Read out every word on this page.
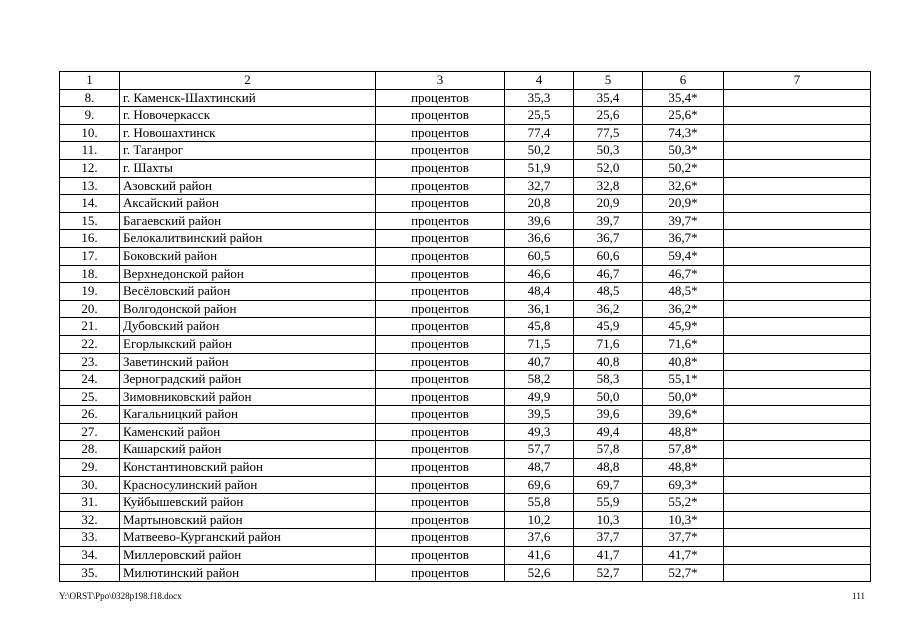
1	2	3	4	5	6	7
8.	г. Каменск-Шахтинский	процентов	35,3	35,4	35,4*	
9.	г. Новочеркасск	процентов	25,5	25,6	25,6*	
10.	г. Новошахтинск	процентов	77,4	77,5	74,3*	
11.	г. Таганрог	процентов	50,2	50,3	50,3*	
12.	г. Шахты	процентов	51,9	52,0	50,2*	
13.	Азовский район	процентов	32,7	32,8	32,6*	
14.	Аксайский район	процентов	20,8	20,9	20,9*	
15.	Багаевский район	процентов	39,6	39,7	39,7*	
16.	Белокалитвинский район	процентов	36,6	36,7	36,7*	
17.	Боковский район	процентов	60,5	60,6	59,4*	
18.	Верхнедонской район	процентов	46,6	46,7	46,7*	
19.	Весёловский район	процентов	48,4	48,5	48,5*	
20.	Волгодонской район	процентов	36,1	36,2	36,2*	
21.	Дубовский район	процентов	45,8	45,9	45,9*	
22.	Егорлыкский район	процентов	71,5	71,6	71,6*	
23.	Заветинский район	процентов	40,7	40,8	40,8*	
24.	Зерноградский район	процентов	58,2	58,3	55,1*	
25.	Зимовниковский район	процентов	49,9	50,0	50,0*	
26.	Кагальницкий район	процентов	39,5	39,6	39,6*	
27.	Каменский район	процентов	49,3	49,4	48,8*	
28.	Кашарский район	процентов	57,7	57,8	57,8*	
29.	Константиновский район	процентов	48,7	48,8	48,8*	
30.	Красносулинский район	процентов	69,6	69,7	69,3*	
31.	Куйбышевский район	процентов	55,8	55,9	55,2*	
32.	Мартыновский район	процентов	10,2	10,3	10,3*	
33.	Матвеево-Курганский район	процентов	37,6	37,7	37,7*	
34.	Миллеровский район	процентов	41,6	41,7	41,7*	
35.	Милютинский район	процентов	52,6	52,7	52,7*	
Y:\ORST\Ppo\0328p198.f18.docx	111
